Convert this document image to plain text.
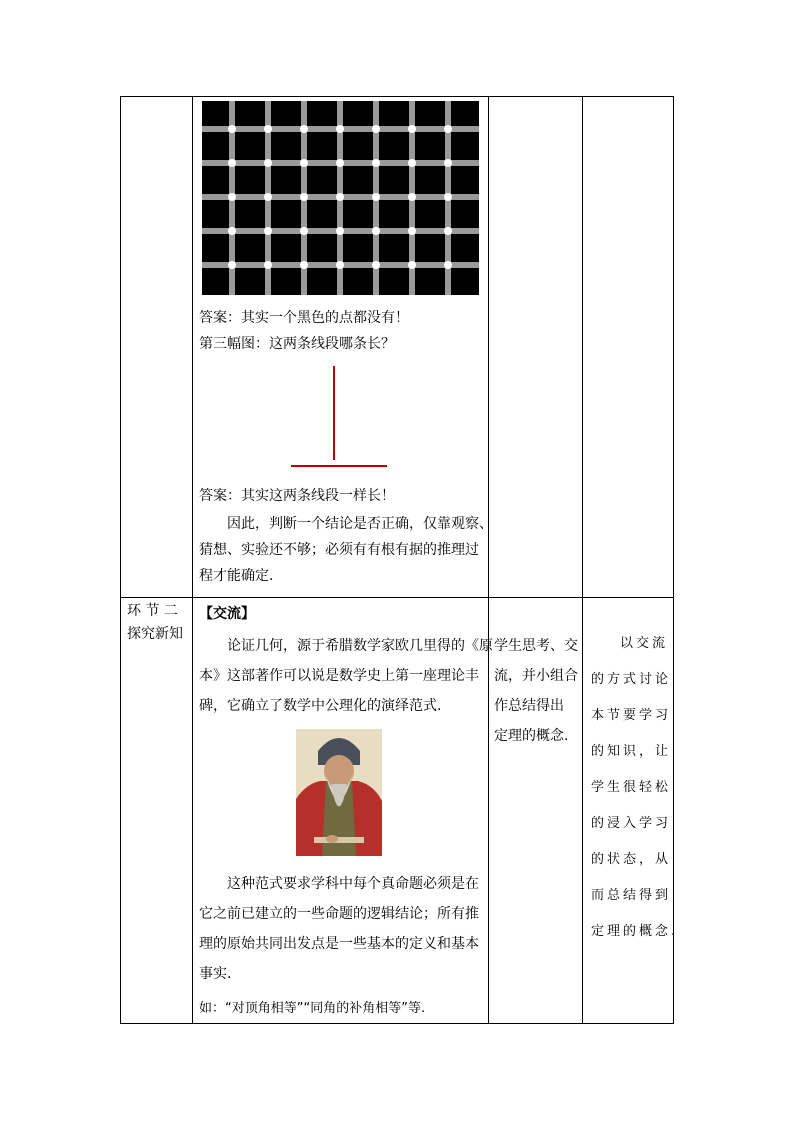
答案：其实一个黑色的点都没有！
第三幅图：这两条线段哪条长？
答案：其实这两条线段一样长！
因此，判断一个结论是否正确，仅靠观察、
猜想、实验还不够；必须有有根有据的推理过
程才能确定.
环 节 二
探究新知
【交流】
论证几何，源于希腊数学家欧几里得的《原
本》这部著作可以说是数学史上第一座理论丰
碑，它确立了数学中公理化的演绎范式.
这种范式要求学科中每个真命题必须是在
它之前已建立的一些命题的逻辑结论；所有推
理的原始共同出发点是一些基本的定义和基本
事实.
如：“对顶角相等”“同角的补角相等”等.
学生思考、交
流，并小组合
作总结得出
定理的概念.
以交流
的方式讨论
本节要学习
的知识，让
学生很轻松
的浸入学习
的状态，从
而总结得到
定理的概念.
